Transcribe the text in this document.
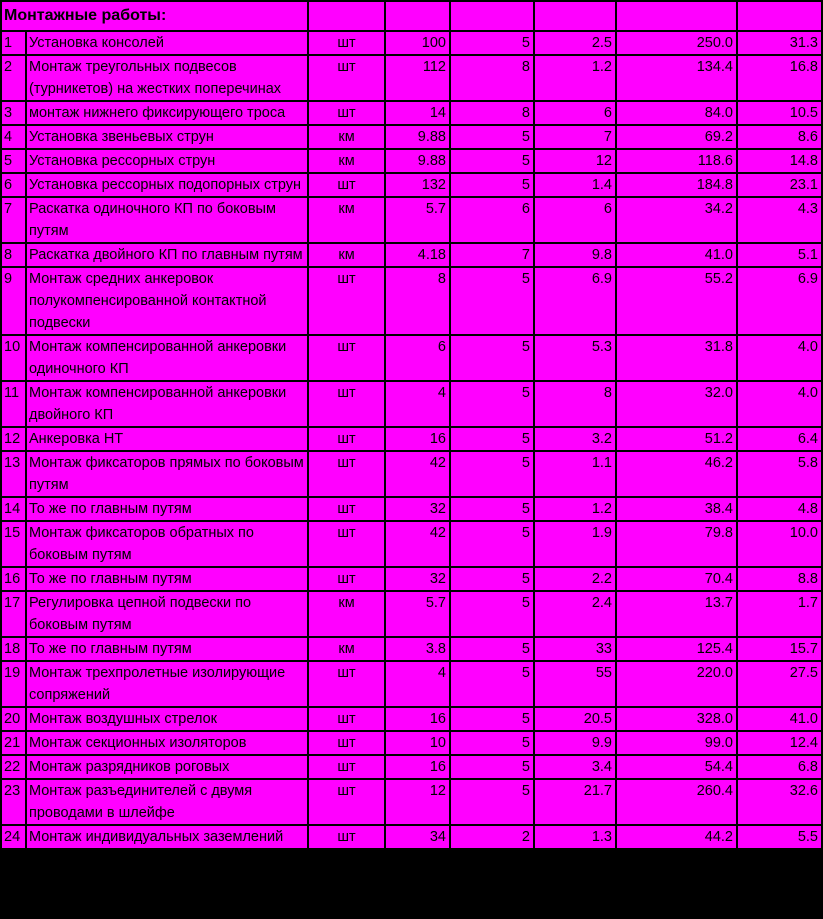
Монтажные работы:							
1	Установка консолей	шт	100	5	2.5	250.0	31.3
2	Монтаж треугольных подвесов (турникетов) на жестких поперечинах	шт	112	8	1.2	134.4	16.8
3	монтаж нижнего фиксирующего троса	шт	14	8	6	84.0	10.5
4	Установка звеньевых струн	км	9.88	5	7	69.2	8.6
5	Установка рессорных струн	км	9.88	5	12	118.6	14.8
6	Установка рессорных подопорных струн	шт	132	5	1.4	184.8	23.1
7	Раскатка одиночного КП по боковым путям	км	5.7	6	6	34.2	4.3
8	Раскатка двойного КП по главным путям	км	4.18	7	9.8	41.0	5.1
9	Монтаж средних анкеровок полукомпенсированной контактной подвески	шт	8	5	6.9	55.2	6.9
10	Монтаж компенсированной анкеровки одиночного КП	шт	6	5	5.3	31.8	4.0
11	Монтаж компенсированной анкеровки двойного КП	шт	4	5	8	32.0	4.0
12	Анкеровка НТ	шт	16	5	3.2	51.2	6.4
13	Монтаж фиксаторов прямых по боковым путям	шт	42	5	1.1	46.2	5.8
14	То же по главным путям	шт	32	5	1.2	38.4	4.8
15	Монтаж фиксаторов обратных по боковым путям	шт	42	5	1.9	79.8	10.0
16	То же по главным путям	шт	32	5	2.2	70.4	8.8
17	Регулировка цепной подвески по боковым путям	км	5.7	5	2.4	13.7	1.7
18	То же по главным путям	км	3.8	5	33	125.4	15.7
19	Монтаж трехпролетные изолирующие сопряжений	шт	4	5	55	220.0	27.5
20	Монтаж воздушных стрелок	шт	16	5	20.5	328.0	41.0
21	Монтаж секционных изоляторов	шт	10	5	9.9	99.0	12.4
22	Монтаж разрядников роговых	шт	16	5	3.4	54.4	6.8
23	Монтаж разъединителей с двумя проводами в шлейфе	шт	12	5	21.7	260.4	32.6
24	Монтаж индивидуальных заземлений	шт	34	2	1.3	44.2	5.5
